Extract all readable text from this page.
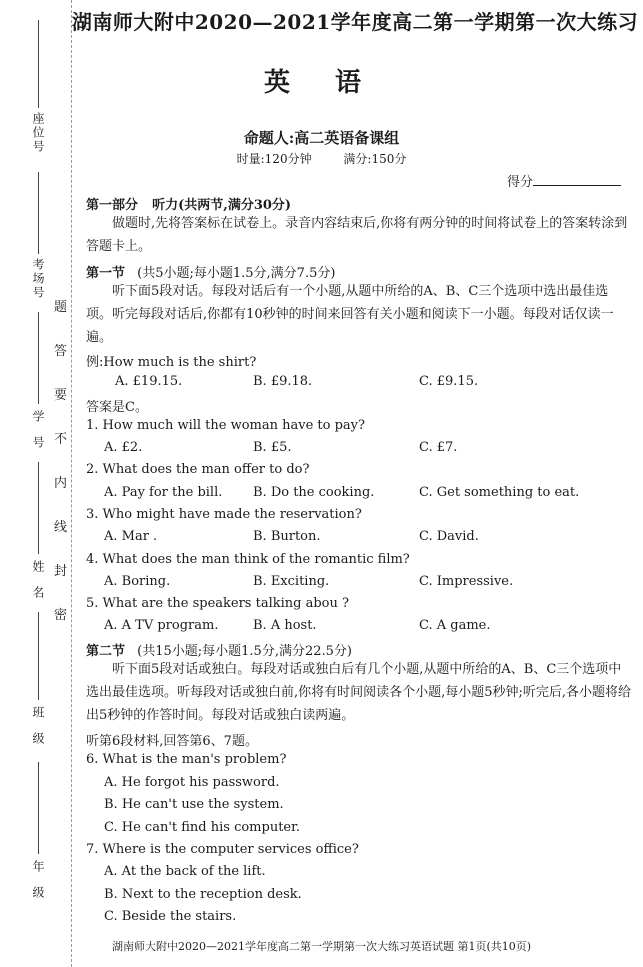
座位号
考场号
学号
姓名
班级
年级
题
答
要
不
内
线
封
密
湖南师大附中2020—2021学年度高二第一学期第一次大练习
英 语
命题人:高二英语备课组
时量:120分钟	满分:150分
得分
第一部分 听力(共两节,满分30分)
做题时,先将答案标在试卷上。录音内容结束后,你将有两分钟的时间将试卷上的答案转涂到答题卡上。
第一节 (共5小题;每小题1.5分,满分7.5分)
听下面5段对话。每段对话后有一个小题,从题中所给的A、B、C三个选项中选出最佳选项。听完每段对话后,你都有10秒钟的时间来回答有关小题和阅读下一小题。每段对话仅读一遍。
例:How much is the shirt?
A. £19.15.	B. £9.18.	C. £9.15.
答案是C。
1. How much will the woman have to pay?
A. £2.	B. £5.	C. £7.
2. What does the man offer to do?
A. Pay for the bill. B. Do the cooking.	C. Get something to eat.
3. Who might have made the reservation?
A. Mar .	B. Burton.	C. David.
4. What does the man think of the romantic film?
A. Boring.	B. Exciting.	C. Impressive.
5. What are the speakers talking abou ?
A. A TV program.	B. A host.	C. A game.
第二节 (共15小题;每小题1.5分,满分22.5分)
听下面5段对话或独白。每段对话或独白后有几个小题,从题中所给的A、B、C三个选项中选出最佳选项。听每段对话或独白前,你将有时间阅读各个小题,每小题5秒钟;听完后,各小题将给出5秒钟的作答时间。每段对话或独白读两遍。
听第6段材料,回答第6、7题。
6. What is the man's problem?
A. He forgot his password.
B. He can't use the system.
C. He can't find his computer.
7. Where is the computer services office?
A. At the back of the lift.
B. Next to the reception desk.
C. Beside the stairs.
湖南师大附中2020—2021学年度高二第一学期第一次大练习英语试题 第1页(共10页)
